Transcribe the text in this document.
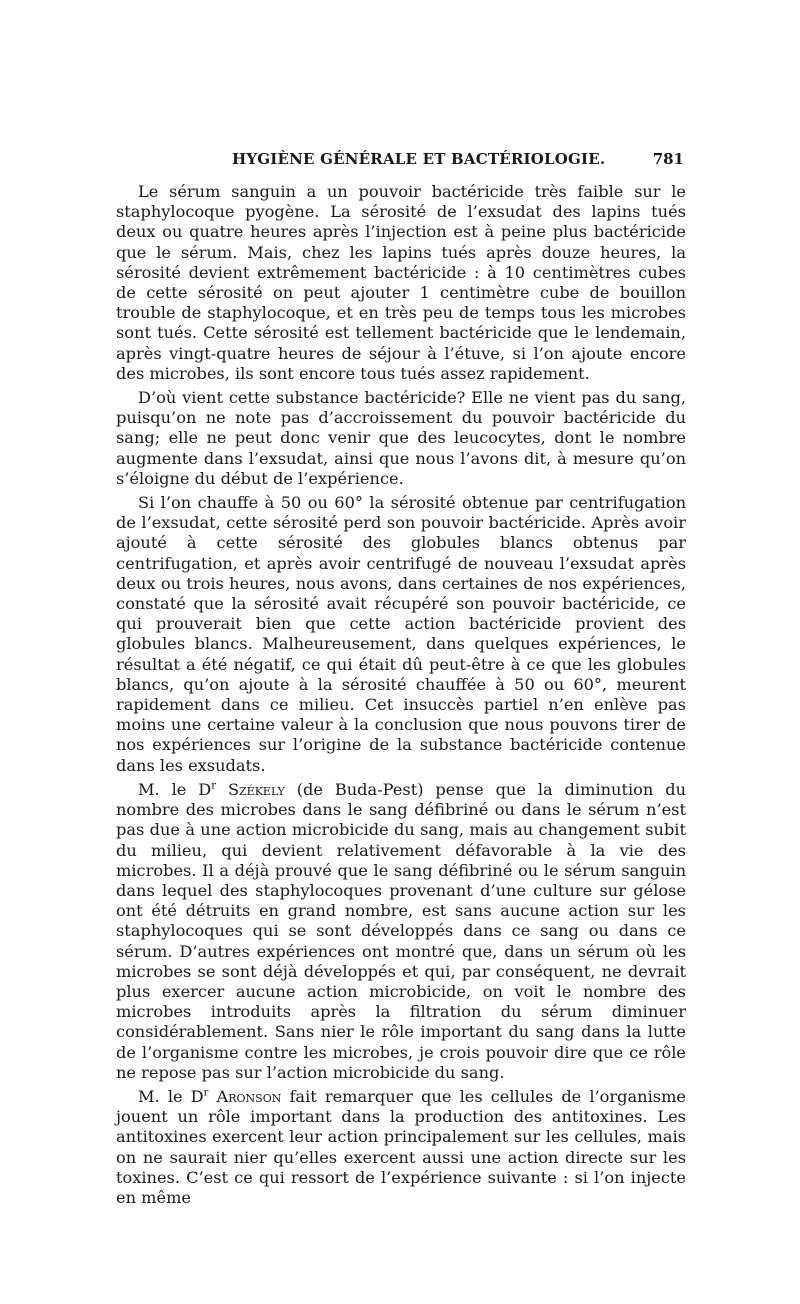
HYGIÈNE GÉNÉRALE ET BACTÉRIOLOGIE.	781

Le sérum sanguin a un pouvoir bactéricide très faible sur le staphylocoque pyogène. La sérosité de l’exsudat des lapins tués deux ou quatre heures après l’injection est à peine plus bactéricide que le sérum. Mais, chez les lapins tués après douze heures, la sérosité devient extrêmement bactéricide : à 10 centimètres cubes de cette sérosité on peut ajouter 1 centimètre cube de bouillon trouble de staphylocoque, et en très peu de temps tous les microbes sont tués. Cette sérosité est tellement bactéricide que le lendemain, après vingt-quatre heures de séjour à l’étuve, si l’on ajoute encore des microbes, ils sont encore tous tués assez rapidement.

D’où vient cette substance bactéricide? Elle ne vient pas du sang, puisqu’on ne note pas d’accroissement du pouvoir bactéricide du sang; elle ne peut donc venir que des leucocytes, dont le nombre augmente dans l’exsudat, ainsi que nous l’avons dit, à mesure qu’on s’éloigne du début de l’expérience.

Si l’on chauffe à 50 ou 60° la sérosité obtenue par centrifugation de l’exsudat, cette sérosité perd son pouvoir bactéricide. Après avoir ajouté à cette sérosité des globules blancs obtenus par centrifugation, et après avoir centrifugé de nouveau l’exsudat après deux ou trois heures, nous avons, dans certaines de nos expériences, constaté que la sérosité avait récupéré son pouvoir bactéricide, ce qui prouverait bien que cette action bactéricide provient des globules blancs. Malheureusement, dans quelques expériences, le résultat a été négatif, ce qui était dû peut-être à ce que les globules blancs, qu’on ajoute à la sérosité chauffée à 50 ou 60°, meurent rapidement dans ce milieu. Cet insuccès partiel n’en enlève pas moins une certaine valeur à la conclusion que nous pouvons tirer de nos expériences sur l’origine de la substance bactéricide contenue dans les exsudats.

M. le $D^r$ Székely (de Buda-Pest) pense que la diminution du nombre des microbes dans le sang défibriné ou dans le sérum n’est pas due à une action microbicide du sang, mais au changement subit du milieu, qui devient relativement défavorable à la vie des microbes. Il a déjà prouvé que le sang défibriné ou le sérum sanguin dans lequel des staphylocoques provenant d’une culture sur gélose ont été détruits en grand nombre, est sans aucune action sur les staphylocoques qui se sont développés dans ce sang ou dans ce sérum. D’autres expériences ont montré que, dans un sérum où les microbes se sont déjà développés et qui, par conséquent, ne devrait plus exercer aucune action microbicide, on voit le nombre des microbes introduits après la filtration du sérum diminuer considérablement. Sans nier le rôle important du sang dans la lutte de l’organisme contre les microbes, je crois pouvoir dire que ce rôle ne repose pas sur l’action microbicide du sang.

M. le $D^r$ Aronson fait remarquer que les cellules de l’organisme jouent un rôle important dans la production des antitoxines. Les antitoxines exercent leur action principalement sur les cellules, mais on ne saurait nier qu’elles exercent aussi une action directe sur les toxines. C’est ce qui ressort de l’expérience suivante : si l’on injecte en même
